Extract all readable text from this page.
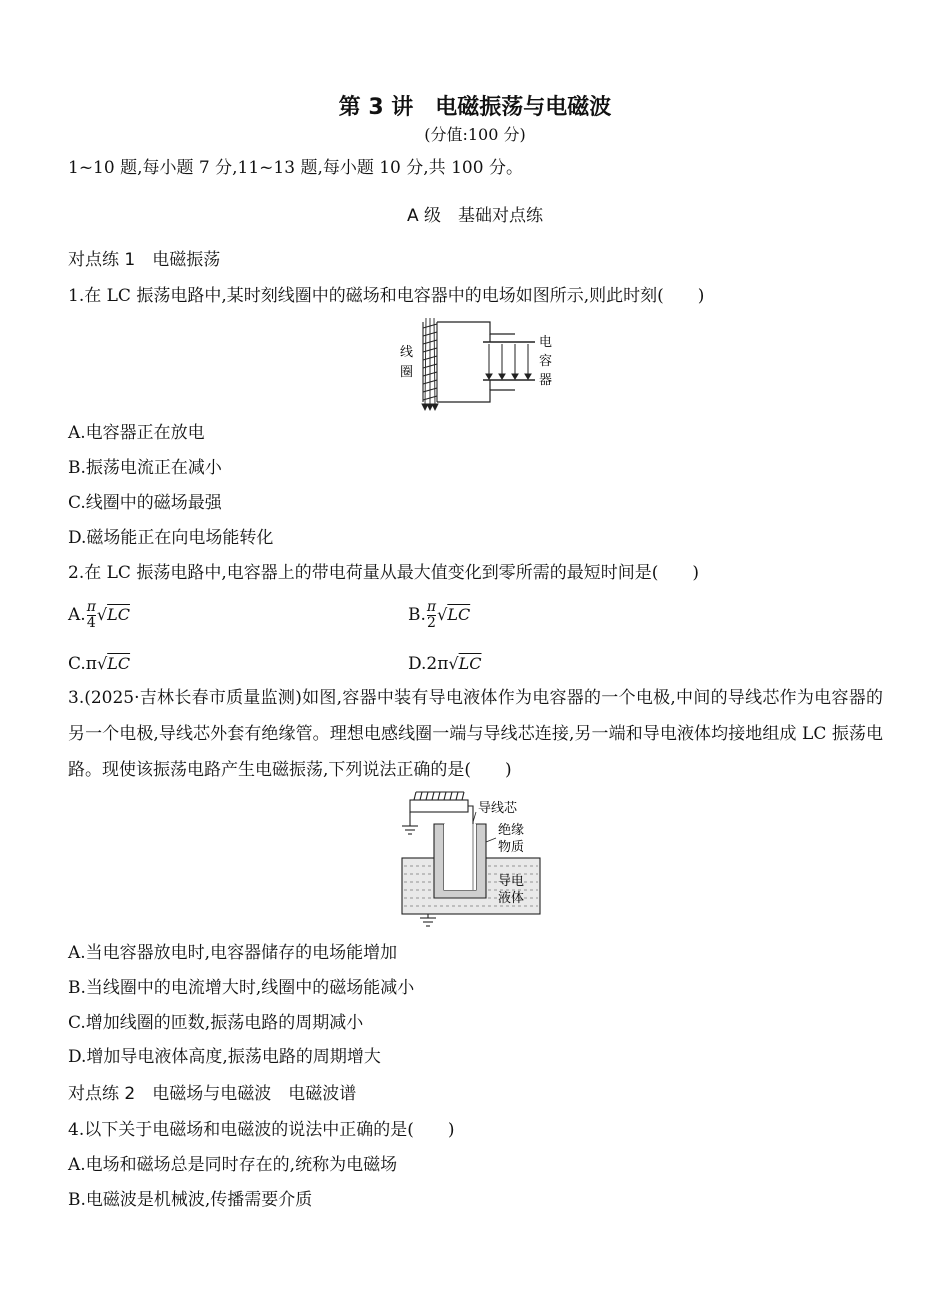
第 3 讲　电磁振荡与电磁波
(分值:100 分)
1~10 题,每小题 7 分,11~13 题,每小题 10 分,共 100 分。
A 级　基础对点练
对点练 1　电磁振荡
1.在 LC 振荡电路中,某时刻线圈中的磁场和电容器中的电场如图所示,则此时刻(　　)
线
圈
电
容
器
A.电容器正在放电
B.振荡电流正在减小
C.线圈中的磁场最强
D.磁场能正在向电场能转化
2.在 LC 振荡电路中,电容器上的带电荷量从最大值变化到零所需的最短时间是(　　)
A. $\frac{\pi}{4} √LC$	B. $\frac{\pi}{2} √LC$
C.π√LC	D.2π√LC
3.(2025·吉林长春市质量监测)如图,容器中装有导电液体作为电容器的一个电极,中间的导线芯作为电容器的另一个电极,导线芯外套有绝缘管。理想电感线圈一端与导线芯连接,另一端和导电液体均接地组成 LC 振荡电路。现使该振荡电路产生电磁振荡,下列说法正确的是(　　)
导线芯
绝缘
物质
导电
液体
A.当电容器放电时,电容器储存的电场能增加
B.当线圈中的电流增大时,线圈中的磁场能减小
C.增加线圈的匝数,振荡电路的周期减小
D.增加导电液体高度,振荡电路的周期增大
对点练 2　电磁场与电磁波　电磁波谱
4.以下关于电磁场和电磁波的说法中正确的是(　　)
A.电场和磁场总是同时存在的,统称为电磁场
B.电磁波是机械波,传播需要介质
